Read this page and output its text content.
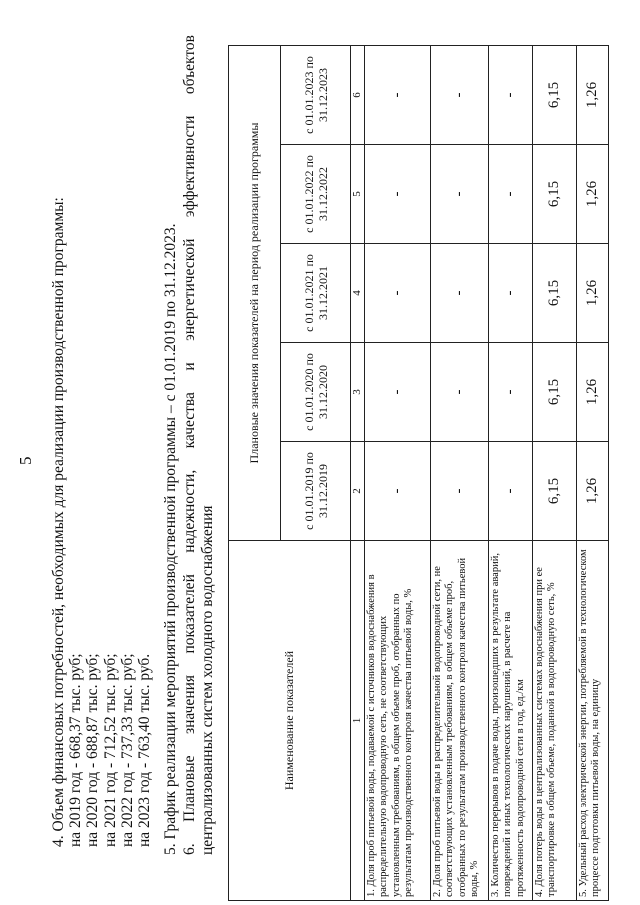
5 4. Объем финансовых потребностей, необходимых для реализации производственной программы: на 2019 год - 668,37 тыс. руб; на 2020 год - 688,87 тыс. руб; на 2021 год - 712,52 тыс. руб; на 2022 год - 737,33 тыс. руб; на 2023 год - 763,40 тыс. руб. 5. График реализации мероприятий производственной программы – с 01.01.2019 по 31.12.2023. 6. Плановые значения показателей надежности, качества и энергетической эффективности объектов централизованных систем холодного водоснабжения	Наименование показателей	Плановые значения показателей на период реализации программы				
	с 01.01.2019 по 31.12.2019	с 01.01.2020 по 31.12.2020	с 01.01.2021 по 31.12.2021	с 01.01.2022 по 31.12.2022	с 01.01.2023 по 31.12.2023
1	2	3	4	5	6
1. Доля проб питьевой воды, подаваемой с источников водоснабжения в распределительную водопроводную сеть, не соответствующих установленным требованиям, в общем объеме проб, отобранных по результатам производственного контроля качества питьевой воды, %	-	-	-	-	-
2. Доля проб питьевой воды в распределительной водопроводной сети, не соответствующих установленным требованиям, в общем объеме проб, отобранных по результатам производственного контроля качества питьевой воды, %	-	-	-	-	-
3. Количество перерывов в подаче воды, произошедших в результате аварий, повреждений и иных технологических нарушений, в расчете на протяженность водопроводной сети в год, ед./км	-	-	-	-	-
4. Доля потерь воды в централизованных системах водоснабжения при ее транспортировке в общем объеме, поданной в водопроводную сеть, %	6,15	6,15	6,15	6,15	6,15
5. Удельный расход электрической энергии, потребляемой в технологическом процессе подготовки питьевой воды, на единицу	1,26	1,26	1,26	1,26	1,26
